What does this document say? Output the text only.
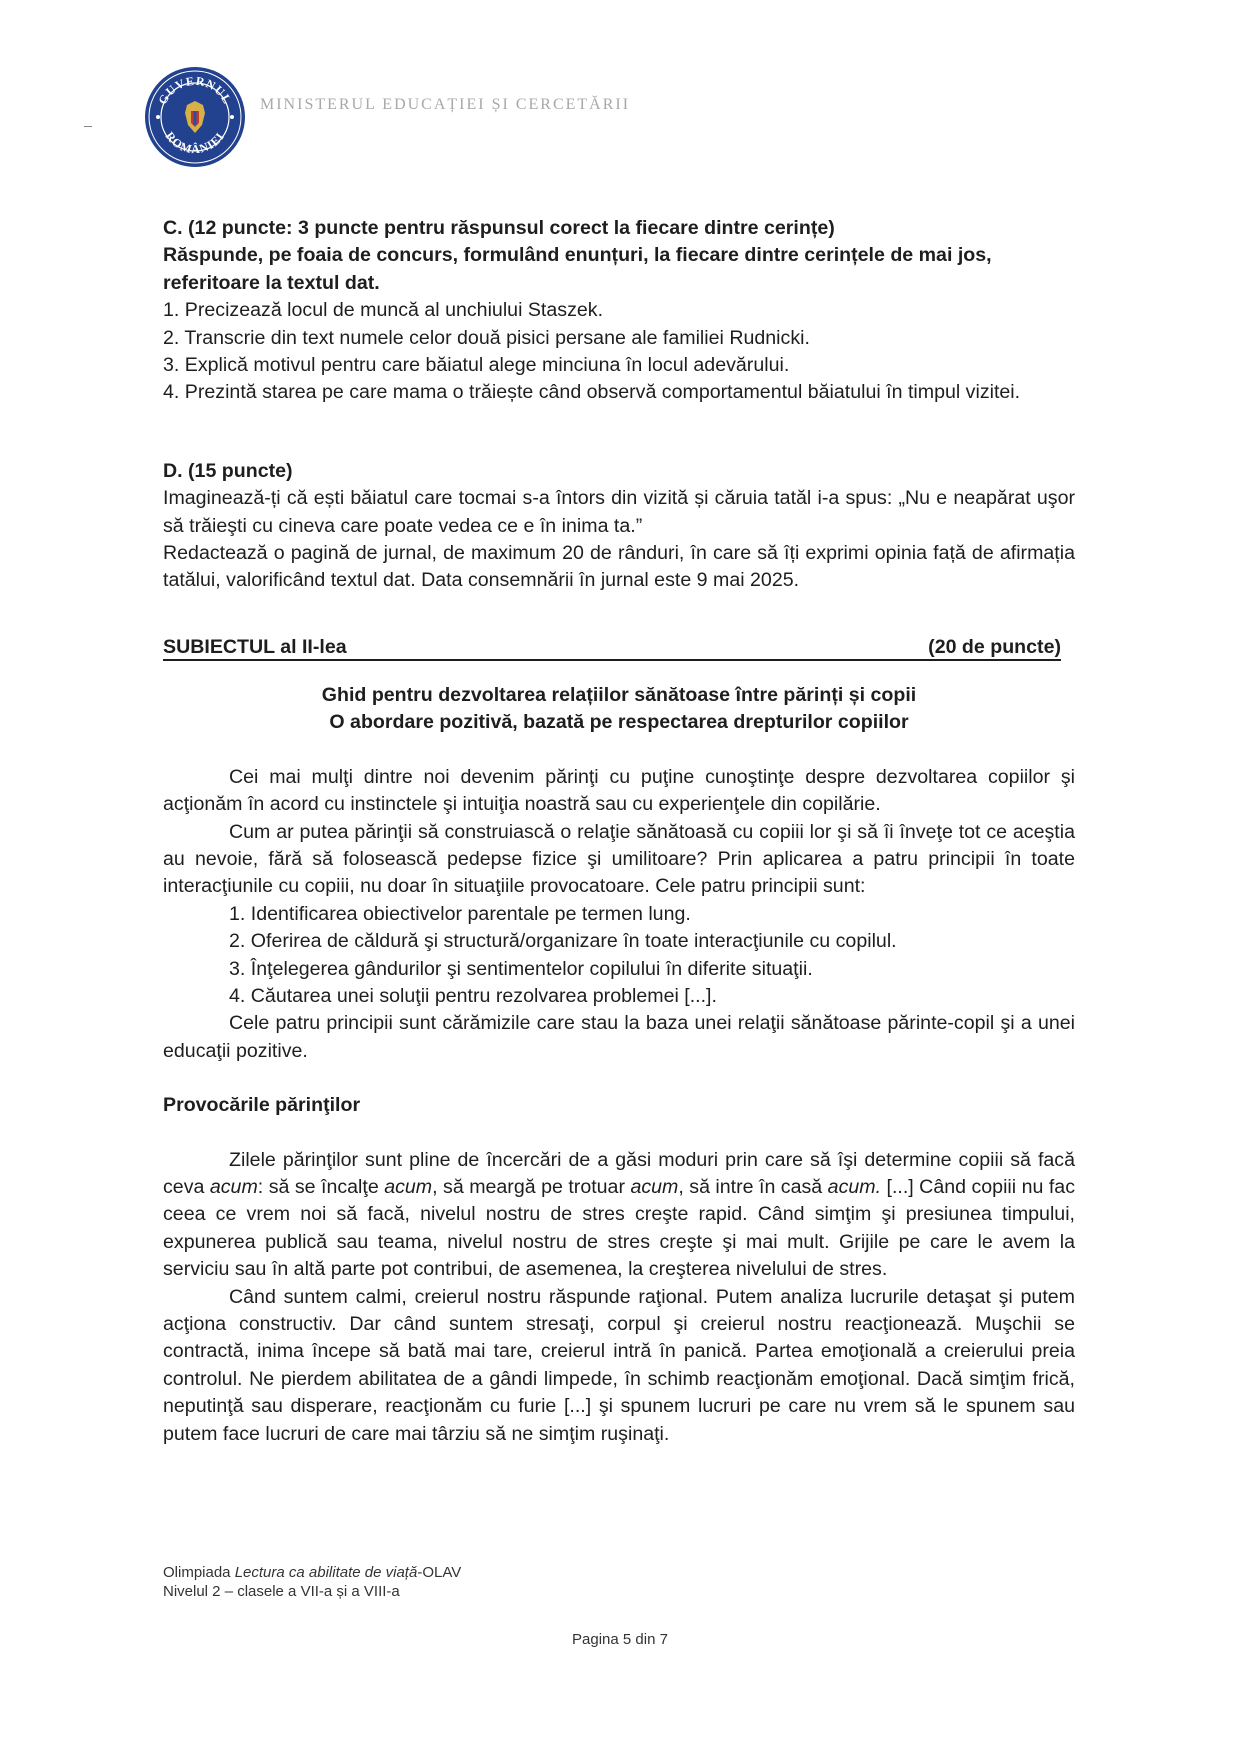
GUVERNUL
ROMÂNIEI
MINISTERUL EDUCAȚIEI ȘI CERCETĂRII

C. (12 puncte: 3 puncte pentru răspunsul corect la fiecare dintre cerințe)

Răspunde, pe foaia de concurs, formulând enunțuri, la fiecare dintre cerințele de mai jos, referitoare la textul dat.

1. Precizează locul de muncă al unchiului Staszek.

2. Transcrie din text numele celor două pisici persane ale familiei Rudnicki.

3. Explică motivul pentru care băiatul alege minciuna în locul adevărului.

4. Prezintă starea pe care mama o trăiește când observă comportamentul băiatului în timpul vizitei.

D. (15 puncte)

Imaginează-ți că ești băiatul care tocmai s-a întors din vizită și căruia tatăl i-a spus: „Nu e neapărat uşor să trăieşti cu cineva care poate vedea ce e în inima ta.”

Redactează o pagină de jurnal, de maximum 20 de rânduri, în care să îți exprimi opinia față de afirmația tatălui, valorificând textul dat. Data consemnării în jurnal este 9 mai 2025.

SUBIECTUL al II-lea	(20 de puncte)

Ghid pentru dezvoltarea relațiilor sănătoase între părinți și copii

O abordare pozitivă, bazată pe respectarea drepturilor copiilor

Cei mai mulţi dintre noi devenim părinţi cu puţine cunoştinţe despre dezvoltarea copiilor şi acţionăm în acord cu instinctele şi intuiţia noastră sau cu experienţele din copilărie.

Cum ar putea părinţii să construiască o relaţie sănătoasă cu copiii lor şi să îi înveţe tot ce aceştia au nevoie, fără să folosească pedepse fizice şi umilitoare? Prin aplicarea a patru principii în toate interacţiunile cu copiii, nu doar în situaţiile provocatoare. Cele patru principii sunt:

1. Identificarea obiectivelor parentale pe termen lung.

2. Oferirea de căldură şi structură/organizare în toate interacţiunile cu copilul.

3. Înţelegerea gândurilor şi sentimentelor copilului în diferite situaţii.

4. Căutarea unei soluţii pentru rezolvarea problemei [...].

Cele patru principii sunt cărămizile care stau la baza unei relaţii sănătoase părinte-copil şi a unei educaţii pozitive.

Provocările părinţilor

Zilele părinţilor sunt pline de încercări de a găsi moduri prin care să îşi determine copiii să facă ceva acum: să se încalţe acum, să meargă pe trotuar acum, să intre în casă acum. [...] Când copiii nu fac ceea ce vrem noi să facă, nivelul nostru de stres creşte rapid. Când simţim şi presiunea timpului, expunerea publică sau teama, nivelul nostru de stres creşte şi mai mult. Grijile pe care le avem la serviciu sau în altă parte pot contribui, de asemenea, la creşterea nivelului de stres.

Când suntem calmi, creierul nostru răspunde raţional. Putem analiza lucrurile detaşat şi putem acţiona constructiv. Dar când suntem stresaţi, corpul şi creierul nostru reacţionează. Muşchii se contractă, inima începe să bată mai tare, creierul intră în panică. Partea emoţională a creierului preia controlul. Ne pierdem abilitatea de a gândi limpede, în schimb reacţionăm emoţional. Dacă simţim frică, neputinţă sau disperare, reacţionăm cu furie [...] şi spunem lucruri pe care nu vrem să le spunem sau putem face lucruri de care mai târziu să ne simţim ruşinaţi.

Olimpiada Lectura ca abilitate de viață-OLAV
Nivelul 2 – clasele a VII-a și a VIII-a
Pagina 5 din 7
